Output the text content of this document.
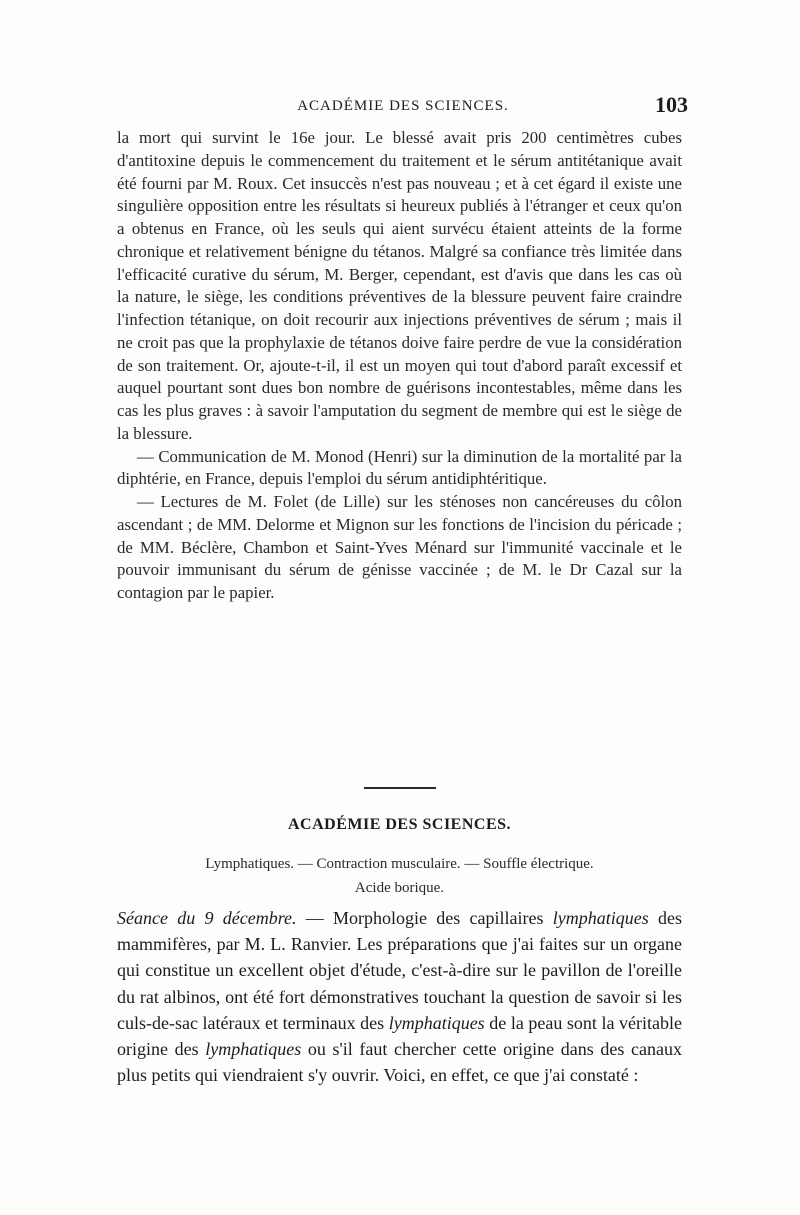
ACADÉMIE DES SCIENCES.	103

la mort qui survint le 16e jour. Le blessé avait pris 200 centimètres cubes d'antitoxine depuis le commencement du traitement et le sérum antitétanique avait été fourni par M. Roux. Cet insuccès n'est pas nouveau ; et à cet égard il existe une singulière opposition entre les résultats si heureux publiés à l'étranger et ceux qu'on a obtenus en France, où les seuls qui aient survécu étaient atteints de la forme chronique et relativement bénigne du tétanos. Malgré sa confiance très limitée dans l'efficacité curative du sérum, M. Berger, cependant, est d'avis que dans les cas où la nature, le siège, les conditions préventives de la blessure peuvent faire craindre l'infection tétanique, on doit recourir aux injections préventives de sérum ; mais il ne croit pas que la prophylaxie de tétanos doive faire perdre de vue la considération de son traitement. Or, ajoute-t-il, il est un moyen qui tout d'abord paraît excessif et auquel pourtant sont dues bon nombre de guérisons incontestables, même dans les cas les plus graves : à savoir l'amputation du segment de membre qui est le siège de la blessure.

— Communication de M. Monod (Henri) sur la diminution de la mortalité par la diphtérie, en France, depuis l'emploi du sérum antidiphtéritique.

— Lectures de M. Folet (de Lille) sur les sténoses non cancéreuses du côlon ascendant ; de MM. Delorme et Mignon sur les fonctions de l'incision du péricade ; de MM. Béclère, Chambon et Saint-Yves Ménard sur l'immunité vaccinale et le pouvoir immunisant du sérum de génisse vaccinée ; de M. le Dr Cazal sur la contagion par le papier.

ACADÉMIE DES SCIENCES.
Lymphatiques. — Contraction musculaire. — Souffle électrique.
Acide borique.

Séance du 9 décembre. — Morphologie des capillaires lymphatiques des mammifères, par M. L. Ranvier. Les préparations que j'ai faites sur un organe qui constitue un excellent objet d'étude, c'est-à-dire sur le pavillon de l'oreille du rat albinos, ont été fort démonstratives touchant la question de savoir si les culs-de-sac latéraux et terminaux des lymphatiques de la peau sont la véritable origine des lymphatiques ou s'il faut chercher cette origine dans des canaux plus petits qui viendraient s'y ouvrir. Voici, en effet, ce que j'ai constaté :
